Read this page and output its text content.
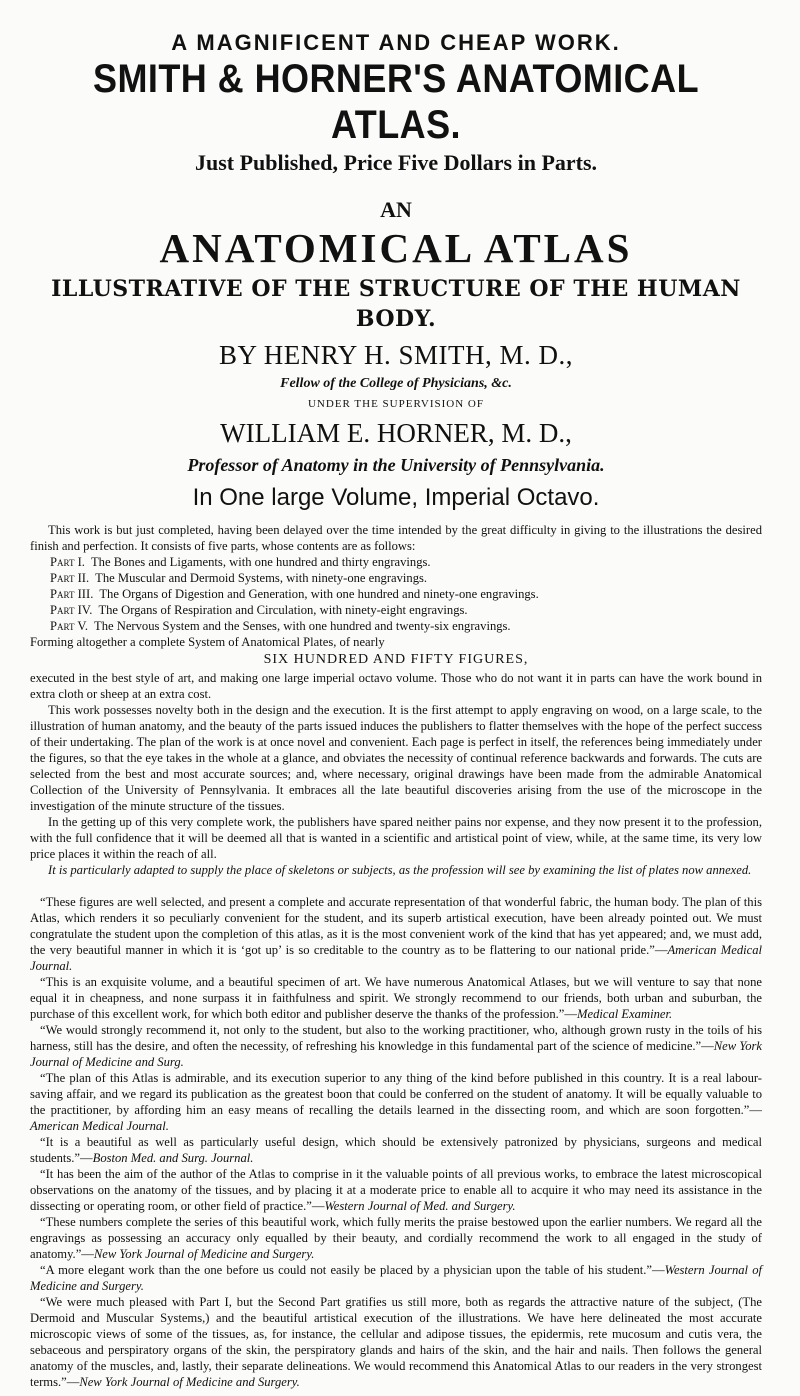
A MAGNIFICENT AND CHEAP WORK.

SMITH & HORNER'S ANATOMICAL ATLAS.

Just Published, Price Five Dollars in Parts.

AN

ANATOMICAL ATLAS

ILLUSTRATIVE OF THE STRUCTURE OF THE HUMAN BODY.

BY HENRY H. SMITH, M. D.,

Fellow of the College of Physicians, &c.

UNDER THE SUPERVISION OF

WILLIAM E. HORNER, M. D.,

Professor of Anatomy in the University of Pennsylvania.

In One large Volume, Imperial Octavo.

This work is but just completed, having been delayed over the time intended by the great difficulty in giving to the illustrations the desired finish and perfection. It consists of five parts, whose contents are as follows:

Part I. The Bones and Ligaments, with one hundred and thirty engravings.

Part II. The Muscular and Dermoid Systems, with ninety-one engravings.

Part III. The Organs of Digestion and Generation, with one hundred and ninety-one engravings.

Part IV. The Organs of Respiration and Circulation, with ninety-eight engravings.

Part V. The Nervous System and the Senses, with one hundred and twenty-six engravings.

Forming altogether a complete System of Anatomical Plates, of nearly

SIX HUNDRED AND FIFTY FIGURES,

executed in the best style of art, and making one large imperial octavo volume. Those who do not want it in parts can have the work bound in extra cloth or sheep at an extra cost.

This work possesses novelty both in the design and the execution. It is the first attempt to apply engraving on wood, on a large scale, to the illustration of human anatomy, and the beauty of the parts issued induces the publishers to flatter themselves with the hope of the perfect success of their undertaking. The plan of the work is at once novel and convenient. Each page is perfect in itself, the references being immediately under the figures, so that the eye takes in the whole at a glance, and obviates the necessity of continual reference backwards and forwards. The cuts are selected from the best and most accurate sources; and, where necessary, original drawings have been made from the admirable Anatomical Collection of the University of Pennsylvania. It embraces all the late beautiful discoveries arising from the use of the microscope in the investigation of the minute structure of the tissues.

In the getting up of this very complete work, the publishers have spared neither pains nor expense, and they now present it to the profession, with the full confidence that it will be deemed all that is wanted in a scientific and artistical point of view, while, at the same time, its very low price places it within the reach of all.

It is particularly adapted to supply the place of skeletons or subjects, as the profession will see by examining the list of plates now annexed.

“These figures are well selected, and present a complete and accurate representation of that wonderful fabric, the human body. The plan of this Atlas, which renders it so peculiarly convenient for the student, and its superb artistical execution, have been already pointed out. We must congratulate the student upon the completion of this atlas, as it is the most convenient work of the kind that has yet appeared; and, we must add, the very beautiful manner in which it is ‘got up’ is so creditable to the country as to be flattering to our national pride.”—American Medical Journal.

“This is an exquisite volume, and a beautiful specimen of art. We have numerous Anatomical Atlases, but we will venture to say that none equal it in cheapness, and none surpass it in faithfulness and spirit. We strongly recommend to our friends, both urban and suburban, the purchase of this excellent work, for which both editor and publisher deserve the thanks of the profession.”—Medical Examiner.

“We would strongly recommend it, not only to the student, but also to the working practitioner, who, although grown rusty in the toils of his harness, still has the desire, and often the necessity, of refreshing his knowledge in this fundamental part of the science of medicine.”—New York Journal of Medicine and Surg.

“The plan of this Atlas is admirable, and its execution superior to any thing of the kind before published in this country. It is a real labour-saving affair, and we regard its publication as the greatest boon that could be conferred on the student of anatomy. It will be equally valuable to the practitioner, by affording him an easy means of recalling the details learned in the dissecting room, and which are soon forgotten.”—American Medical Journal.

“It is a beautiful as well as particularly useful design, which should be extensively patronized by physicians, surgeons and medical students.”—Boston Med. and Surg. Journal.

“It has been the aim of the author of the Atlas to comprise in it the valuable points of all previous works, to embrace the latest microscopical observations on the anatomy of the tissues, and by placing it at a moderate price to enable all to acquire it who may need its assistance in the dissecting or operating room, or other field of practice.”—Western Journal of Med. and Surgery.

“These numbers complete the series of this beautiful work, which fully merits the praise bestowed upon the earlier numbers. We regard all the engravings as possessing an accuracy only equalled by their beauty, and cordially recommend the work to all engaged in the study of anatomy.”—New York Journal of Medicine and Surgery.

“A more elegant work than the one before us could not easily be placed by a physician upon the table of his student.”—Western Journal of Medicine and Surgery.

“We were much pleased with Part I, but the Second Part gratifies us still more, both as regards the attractive nature of the subject, (The Dermoid and Muscular Systems,) and the beautiful artistical execution of the illustrations. We have here delineated the most accurate microscopic views of some of the tissues, as, for instance, the cellular and adipose tissues, the epidermis, rete mucosum and cutis vera, the sebaceous and perspiratory organs of the skin, the perspiratory glands and hairs of the skin, and the hair and nails. Then follows the general anatomy of the muscles, and, lastly, their separate delineations. We would recommend this Anatomical Atlas to our readers in the very strongest terms.”—New York Journal of Medicine and Surgery.
